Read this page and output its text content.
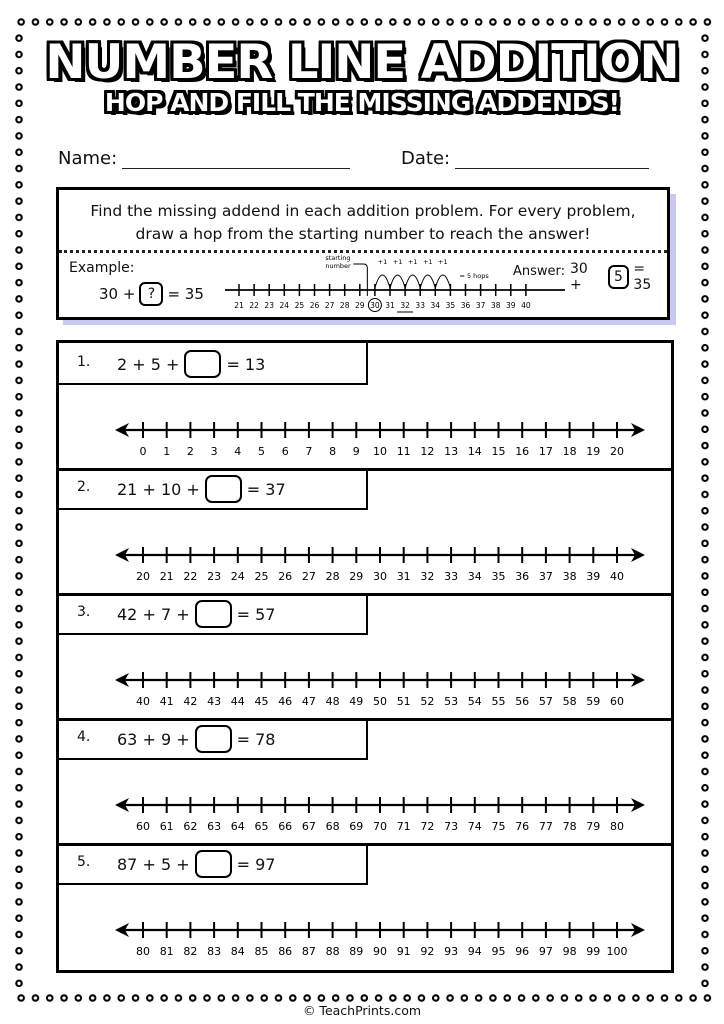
NUMBER LINE ADDITION
HOP AND FILL THE MISSING ADDENDS!
Name:	Date:
Find the missing addend in each addition problem. For every problem,
draw a hop from the starting number to reach the answer!
Example:
30 + ? = 35
21 22 23 24 25 26 27 28 29 30 31 32 33 34 35 36 37 38 39 40
+1 +1 +1 +1 +1
starting
number
= 5 hops Answer: 30 +	5 = 35
1. 2 + 5 +	= 13
0 1 2 3 4 5 6 7 8 9 10 11 12 13 14 15 16 17 18 19 20
2. 21 + 10 +	= 37
20 21 22 23 24 25 26 27 28 29 30 31 32 33 34 35 36 37 38 39 40
3. 42 + 7 +	= 57
40 41 42 43 44 45 46 47 48 49 50 51 52 53 54 55 56 57 58 59 60
4. 63 + 9 +	= 78
60 61 62 63 64 65 66 67 68 69 70 71 72 73 74 75 76 77 78 79 80
5. 87 + 5 +	= 97
80 81 82 83 84 85 86 87 88 89 90 91 92 93 94 95 96 97 98 99 100
© TeachPrints.com
